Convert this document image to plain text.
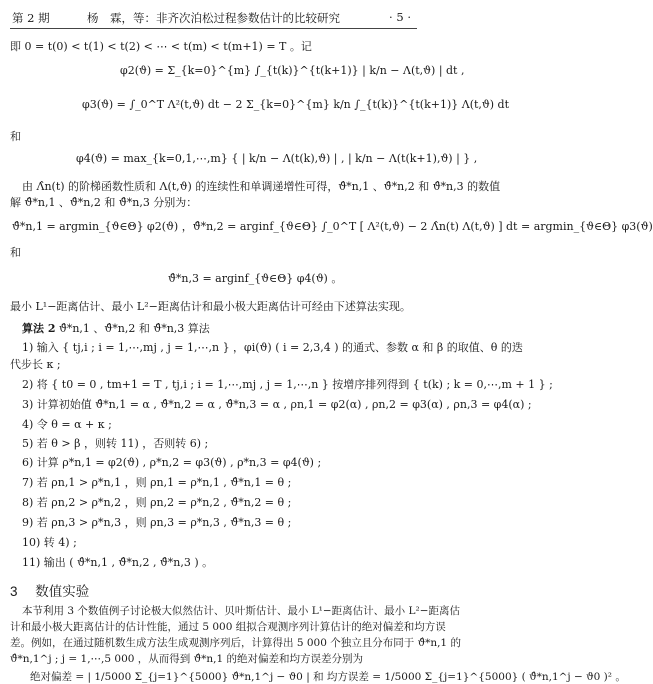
第 2 期	杨　霖，等：非齐次泊松过程参数估计的比较研究	· 5 ·
即 0 = t(0) < t(1) < t(2) < ⋯ < t(m) < t(m+1) = T 。记
φ2(ϑ) = Σ_{k=0}^{m} ∫_{t(k)}^{t(k+1)} | k/n − Λ(t,ϑ) | dt ,
φ3(ϑ) = ∫_0^T Λ²(t,ϑ) dt − 2 Σ_{k=0}^{m} k/n ∫_{t(k)}^{t(k+1)} Λ(t,ϑ) dt
和
φ4(ϑ) = max_{k=0,1,⋯,m} { | k/n − Λ(t(k),ϑ) | , | k/n − Λ(t(k+1),ϑ) | } ,
由 Λ̂n(t) 的阶梯函数性质和 Λ(t,ϑ) 的连续性和单调递增性可得，ϑ̂*n,1 、ϑ̂*n,2 和 ϑ̂*n,3 的数值
解 ϑ̂*n,1 、ϑ̂*n,2 和 ϑ̂*n,3 分别为：
ϑ̂*n,1 = argmin_{ϑ∈Θ} φ2(ϑ) ，ϑ̂*n,2 = arginf_{ϑ∈Θ} ∫_0^T [ Λ²(t,ϑ) − 2 Λ̂n(t) Λ(t,ϑ) ] dt = argmin_{ϑ∈Θ} φ3(ϑ)
和
ϑ̂*n,3 = arginf_{ϑ∈Θ} φ4(ϑ) 。
最小 L¹−距离估计、最小 L²−距离估计和最小极大距离估计可经由下述算法实现。
算法 2 ϑ̂*n,1 、ϑ̂*n,2 和 ϑ̂*n,3 算法
1) 输入 { tj,i ; i = 1,⋯,mj , j = 1,⋯,n } ，φi(ϑ) ( i = 2,3,4 ) 的通式、参数 α 和 β 的取值、θ 的迭
代步长 κ ;
2) 将 { t0 = 0 , tm+1 = T , tj,i ; i = 1,⋯,mj , j = 1,⋯,n } 按增序排列得到 { t(k) ; k = 0,⋯,m + 1 } ;
3) 计算初始值 ϑ̂*n,1 = α , ϑ̂*n,2 = α , ϑ̂*n,3 = α , ρn,1 = φ2(α) , ρn,2 = φ3(α) , ρn,3 = φ4(α) ;
4) 令 θ = α + κ ;
5) 若 θ > β ，则转 11) ，否则转 6) ;
6) 计算 ρ*n,1 = φ2(ϑ) , ρ*n,2 = φ3(ϑ) , ρ*n,3 = φ4(ϑ) ;
7) 若 ρn,1 > ρ*n,1 ，则 ρn,1 = ρ*n,1 , ϑ̂*n,1 = θ ;
8) 若 ρn,2 > ρ*n,2 ，则 ρn,2 = ρ*n,2 , ϑ̂*n,2 = θ ;
9) 若 ρn,3 > ρ*n,3 ，则 ρn,3 = ρ*n,3 , ϑ̂*n,3 = θ ;
10) 转 4) ;
11) 输出 ( ϑ̂*n,1 , ϑ̂*n,2 , ϑ̂*n,3 ) 。
3 数值实验
本节利用 3 个数值例子讨论极大似然估计、贝叶斯估计、最小 L¹−距离估计、最小 L²−距离估
计和最小极大距离估计的估计性能，通过 5 000 组拟合观测序列计算估计的绝对偏差和均方误
差。例如，在通过随机数生成方法生成观测序列后，计算得出 5 000 个独立且分布同于 ϑ̂*n,1 的
ϑ̂*n,1^j ; j = 1,⋯,5 000 ，从而得到 ϑ̂*n,1 的绝对偏差和均方误差分别为
绝对偏差 = | 1/5000 Σ_{j=1}^{5000} ϑ̂*n,1^j − ϑ0 | 和 均方误差 = 1/5000 Σ_{j=1}^{5000} ( ϑ̂*n,1^j − ϑ0 )² 。
